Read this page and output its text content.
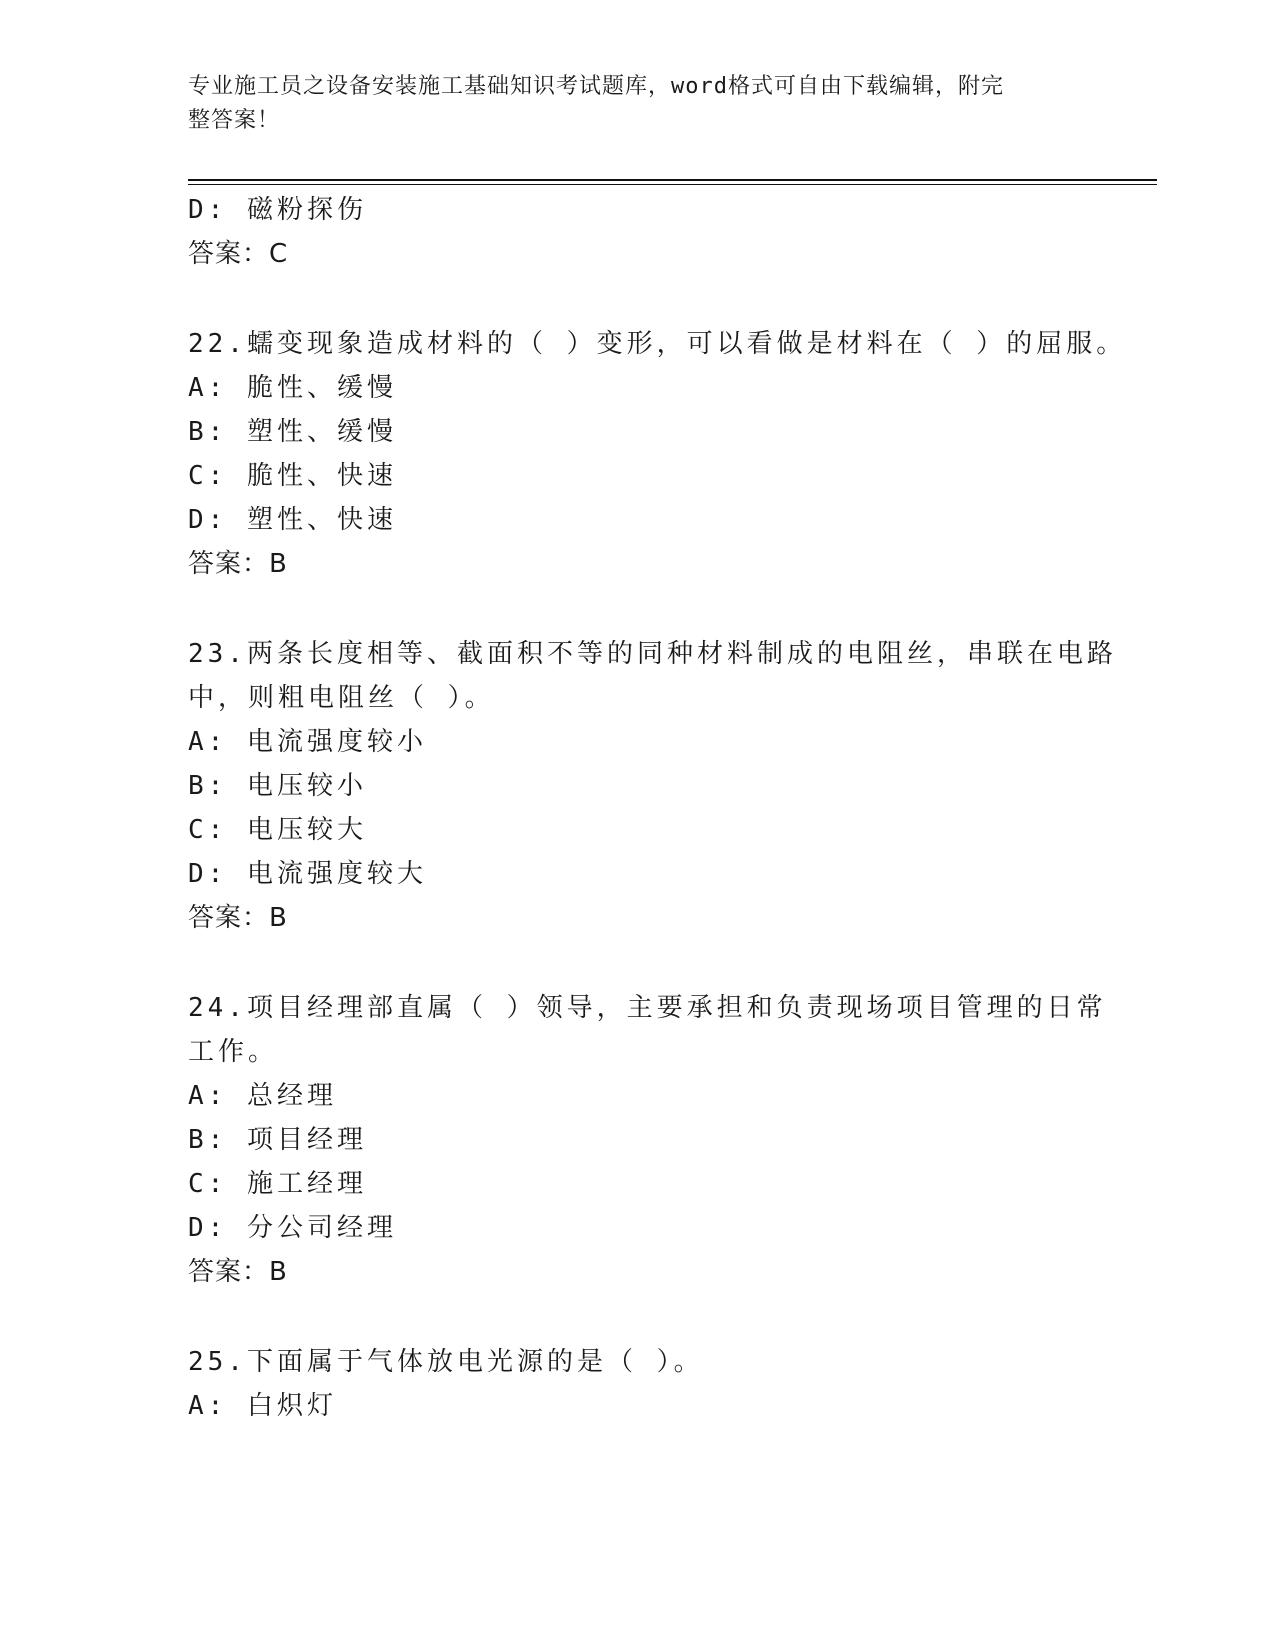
专业施工员之设备安装施工基础知识考试题库，word格式可自由下载编辑，附完
整答案！
D: 磁粉探伤
答案：C
22.蠕变现象造成材料的（ ）变形，可以看做是材料在（ ）的屈服。
A: 脆性、缓慢
B: 塑性、缓慢
C: 脆性、快速
D: 塑性、快速
答案：B
23.两条长度相等、截面积不等的同种材料制成的电阻丝，串联在电路
中，则粗电阻丝（ ）。
A: 电流强度较小
B: 电压较小
C: 电压较大
D: 电流强度较大
答案：B
24.项目经理部直属（ ）领导，主要承担和负责现场项目管理的日常
工作。
A: 总经理
B: 项目经理
C: 施工经理
D: 分公司经理
答案：B
25.下面属于气体放电光源的是（ ）。
A: 白炽灯
